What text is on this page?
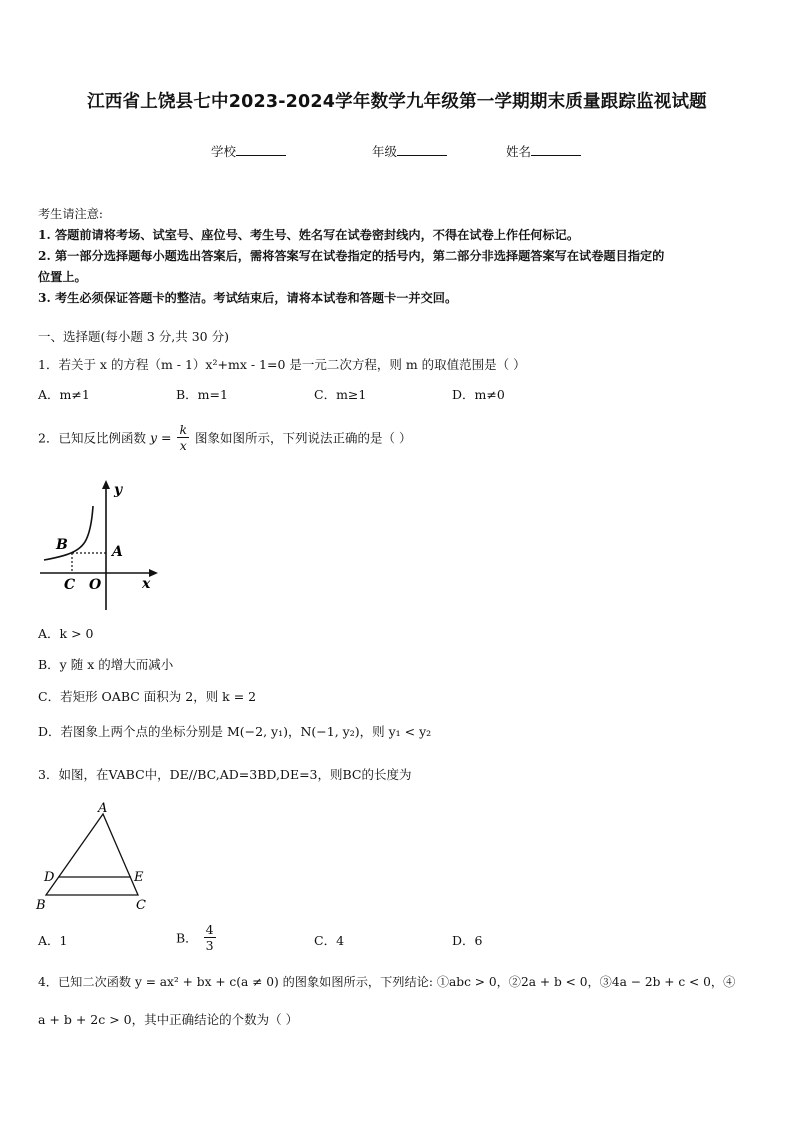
江西省上饶县七中2023-2024学年数学九年级第一学期期末质量跟踪监视试题
学校	年级	姓名
考生请注意:
1. 答题前请将考场、试室号、座位号、考生号、姓名写在试卷密封线内，不得在试卷上作任何标记。
2. 第一部分选择题每小题选出答案后，需将答案写在试卷指定的括号内，第二部分非选择题答案写在试卷题目指定的
位置上。
3. 考生必须保证答题卡的整洁。考试结束后，请将本试卷和答题卡一并交回。
一、选择题(每小题 3 分,共 30 分)
1．若关于 x 的方程（m - 1）x²+mx - 1=0 是一元二次方程，则 m 的取值范围是（ ）
A．m≠1	B．m=1	C．m≥1	D．m≠0
2．已知反比例函数 $y = \frac{k}{x}$ 图象如图所示，下列说法正确的是（ ）
y
x
B	A
C O
A．k > 0
B．y 随 x 的增大而减小
C．若矩形 OABC 面积为 2，则 k = 2
D．若图象上两个点的坐标分别是 M(−2, y₁)，N(−1, y₂)，则 y₁ < y₂
3．如图，在VABC中，DE//BC,AD=3BD,DE=3，则BC的长度为
A
D	E
B	C
A．1	B． $\frac{4}{3}$	C．4	D．6
4．已知二次函数 y = ax² + bx + c(a ≠ 0) 的图象如图所示，下列结论: ①abc > 0，②2a + b < 0，③4a − 2b + c < 0，④
a + b + 2c > 0，其中正确结论的个数为（ ）
